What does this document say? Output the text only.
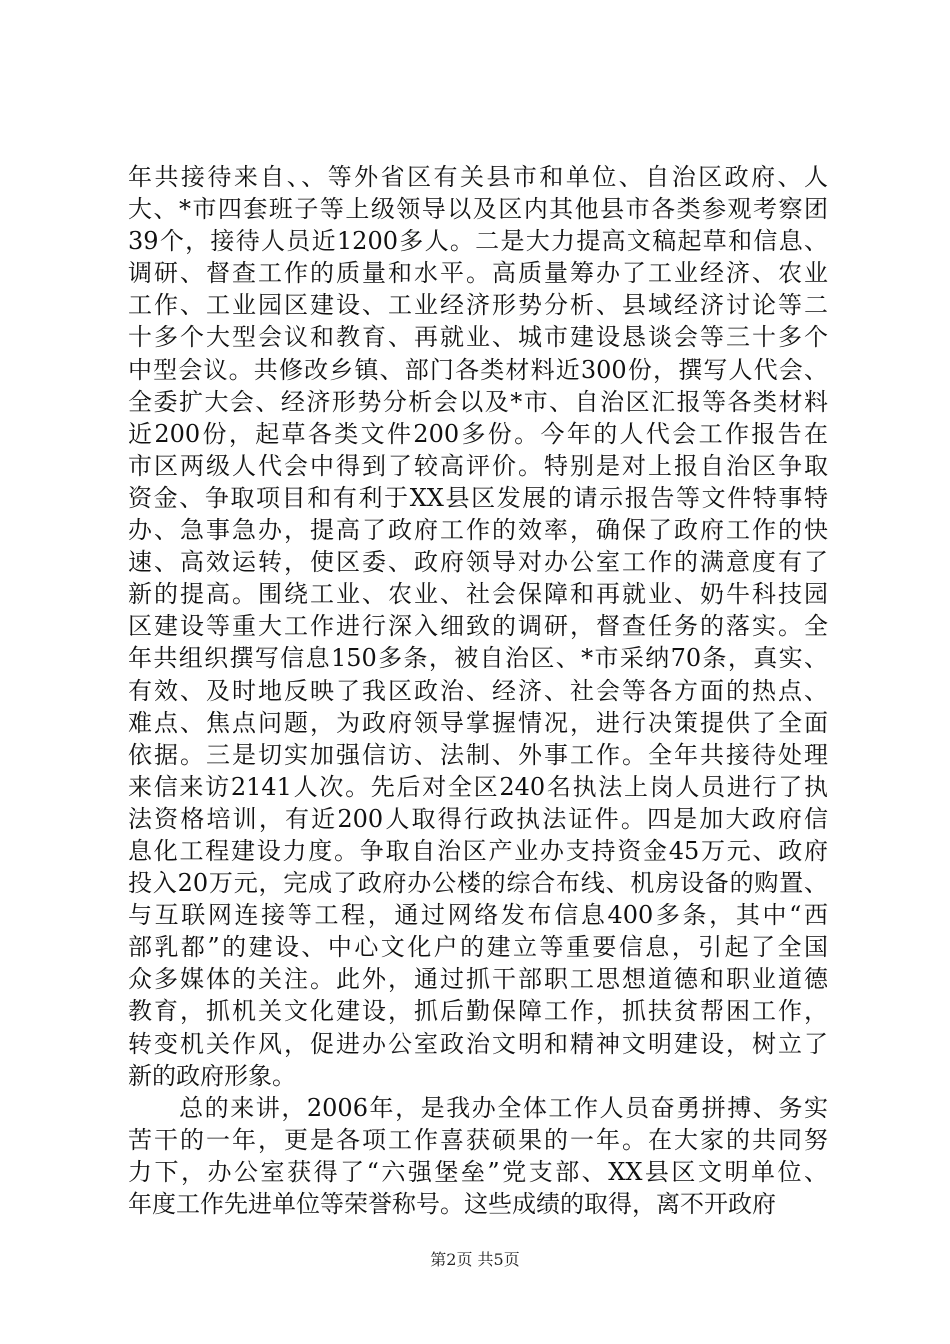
年共接待来自、、等外省区有关县市和单位、自治区政府、人
大、*市四套班子等上级领导以及区内其他县市各类参观考察团
39个，接待人员近1200多人。二是大力提高文稿起草和信息、
调研、督查工作的质量和水平。高质量筹办了工业经济、农业
工作、工业园区建设、工业经济形势分析、县域经济讨论等二
十多个大型会议和教育、再就业、城市建设恳谈会等三十多个
中型会议。共修改乡镇、部门各类材料近300份，撰写人代会、
全委扩大会、经济形势分析会以及*市、自治区汇报等各类材料
近200份，起草各类文件200多份。今年的人代会工作报告在
市区两级人代会中得到了较高评价。特别是对上报自治区争取
资金、争取项目和有利于XX县区发展的请示报告等文件特事特
办、急事急办，提高了政府工作的效率，确保了政府工作的快
速、高效运转，使区委、政府领导对办公室工作的满意度有了
新的提高。围绕工业、农业、社会保障和再就业、奶牛科技园
区建设等重大工作进行深入细致的调研，督查任务的落实。全
年共组织撰写信息150多条，被自治区、*市采纳70条，真实、
有效、及时地反映了我区政治、经济、社会等各方面的热点、
难点、焦点问题，为政府领导掌握情况，进行决策提供了全面
依据。三是切实加强信访、法制、外事工作。全年共接待处理
来信来访2141人次。先后对全区240名执法上岗人员进行了执
法资格培训，有近200人取得行政执法证件。四是加大政府信
息化工程建设力度。争取自治区产业办支持资金45万元、政府
投入20万元，完成了政府办公楼的综合布线、机房设备的购置、
与互联网连接等工程，通过网络发布信息400多条，其中“西
部乳都”的建设、中心文化户的建立等重要信息，引起了全国
众多媒体的关注。此外，通过抓干部职工思想道德和职业道德
教育，抓机关文化建设，抓后勤保障工作，抓扶贫帮困工作，
转变机关作风，促进办公室政治文明和精神文明建设，树立了
新的政府形象。
　　总的来讲，2006年，是我办全体工作人员奋勇拼搏、务实
苦干的一年，更是各项工作喜获硕果的一年。在大家的共同努
力下，办公室获得了“六强堡垒”党支部、XX县区文明单位、
年度工作先进单位等荣誉称号。这些成绩的取得，离不开政府
第2页 共5页
